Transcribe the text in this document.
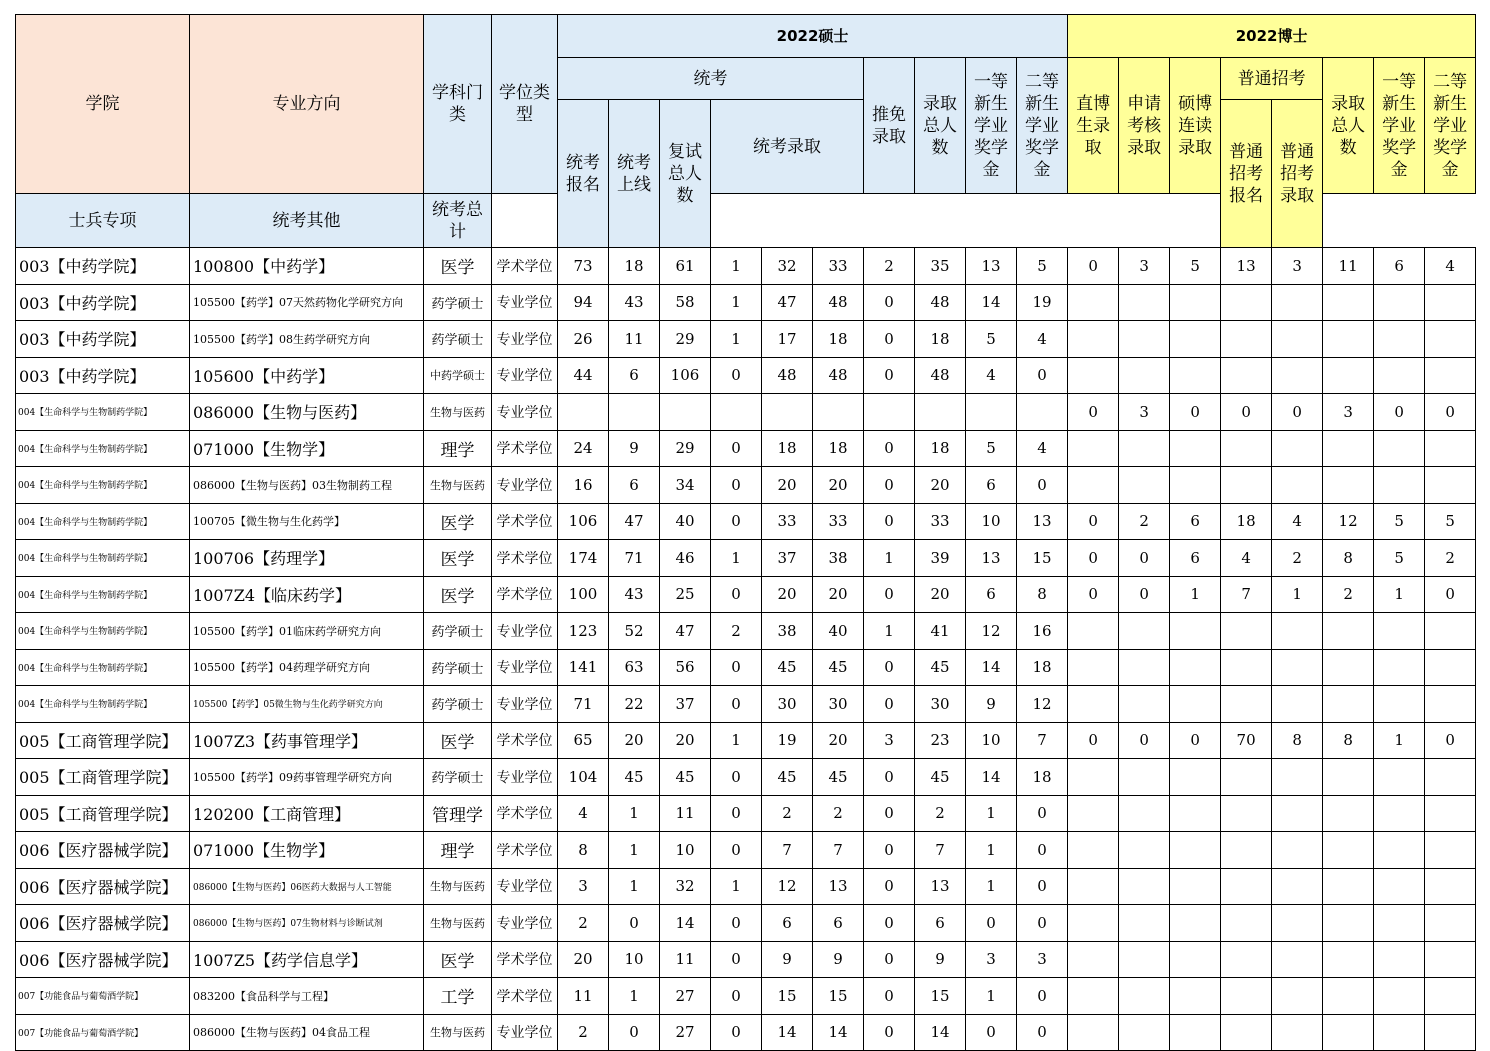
学院	专业方向	学科门类	学位类型	2022硕士										2022博士							
				统考						推免录取	录取总人数	一等新生学业奖学金	二等新生学业奖学金	直博生录取	申请考核录取	硕博连读录取	普通招考		录取总人数	一等新生学业奖学金	二等新生学业奖学金
				统考报名	统考上线	复试总人数	统考录取										普通招考报名	普通招考录取			
士兵专项	统考其他	统考总计																			
003【中药学院】	100800【中药学】	医学	学术学位	73	18	61	1	32	33	2	35	13	5	0	3	5	13	3	11	6	4
003【中药学院】	105500【药学】07天然药物化学研究方向	药学硕士	专业学位	94	43	58	1	47	48	0	48	14	19								
003【中药学院】	105500【药学】08生药学研究方向	药学硕士	专业学位	26	11	29	1	17	18	0	18	5	4								
003【中药学院】	105600【中药学】	中药学硕士	专业学位	44	6	106	0	48	48	0	48	4	0								
004【生命科学与生物制药学院】	086000【生物与医药】	生物与医药	专业学位											0	3	0	0	0	3	0	0
004【生命科学与生物制药学院】	071000【生物学】	理学	学术学位	24	9	29	0	18	18	0	18	5	4								
004【生命科学与生物制药学院】	086000【生物与医药】03生物制药工程	生物与医药	专业学位	16	6	34	0	20	20	0	20	6	0								
004【生命科学与生物制药学院】	100705【微生物与生化药学】	医学	学术学位	106	47	40	0	33	33	0	33	10	13	0	2	6	18	4	12	5	5
004【生命科学与生物制药学院】	100706【药理学】	医学	学术学位	174	71	46	1	37	38	1	39	13	15	0	0	6	4	2	8	5	2
004【生命科学与生物制药学院】	1007Z4【临床药学】	医学	学术学位	100	43	25	0	20	20	0	20	6	8	0	0	1	7	1	2	1	0
004【生命科学与生物制药学院】	105500【药学】01临床药学研究方向	药学硕士	专业学位	123	52	47	2	38	40	1	41	12	16								
004【生命科学与生物制药学院】	105500【药学】04药理学研究方向	药学硕士	专业学位	141	63	56	0	45	45	0	45	14	18								
004【生命科学与生物制药学院】	105500【药学】05微生物与生化药学研究方向	药学硕士	专业学位	71	22	37	0	30	30	0	30	9	12								
005【工商管理学院】	1007Z3【药事管理学】	医学	学术学位	65	20	20	1	19	20	3	23	10	7	0	0	0	70	8	8	1	0
005【工商管理学院】	105500【药学】09药事管理学研究方向	药学硕士	专业学位	104	45	45	0	45	45	0	45	14	18								
005【工商管理学院】	120200【工商管理】	管理学	学术学位	4	1	11	0	2	2	0	2	1	0								
006【医疗器械学院】	071000【生物学】	理学	学术学位	8	1	10	0	7	7	0	7	1	0								
006【医疗器械学院】	086000【生物与医药】06医药大数据与人工智能	生物与医药	专业学位	3	1	32	1	12	13	0	13	1	0								
006【医疗器械学院】	086000【生物与医药】07生物材料与诊断试剂	生物与医药	专业学位	2	0	14	0	6	6	0	6	0	0								
006【医疗器械学院】	1007Z5【药学信息学】	医学	学术学位	20	10	11	0	9	9	0	9	3	3								
007【功能食品与葡萄酒学院】	083200【食品科学与工程】	工学	学术学位	11	1	27	0	15	15	0	15	1	0								
007【功能食品与葡萄酒学院】	086000【生物与医药】04食品工程	生物与医药	专业学位	2	0	27	0	14	14	0	14	0	0								
